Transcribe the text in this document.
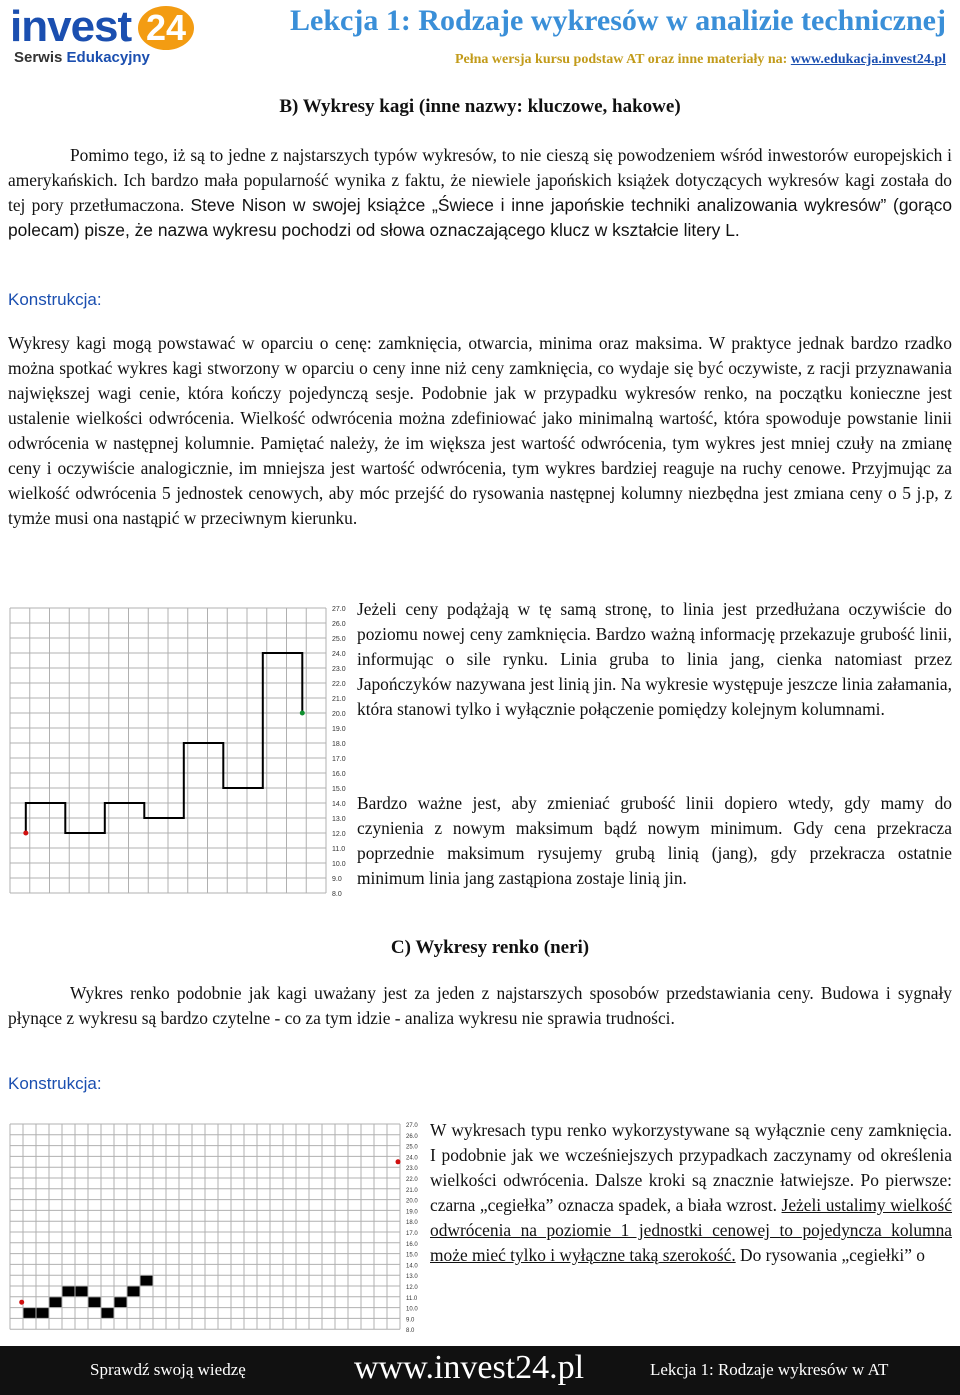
invest 24
Serwis Edukacyjny
Lekcja 1: Rodzaje wykresów w analizie technicznej
Pełna wersja kursu podstaw AT oraz inne materiały na: www.edukacja.invest24.pl
B) Wykresy kagi (inne nazwy: kluczowe, hakowe)
Pomimo tego, iż są to jedne z najstarszych typów wykresów, to nie cieszą się powodzeniem wśród inwestorów europejskich i amerykańskich. Ich bardzo mała popularność wynika z faktu, że niewiele japońskich książek dotyczących wykresów kagi została do tej pory przetłumaczona. Steve Nison w swojej książce „Świece i inne japońskie techniki analizowania wykresów” (gorąco polecam) pisze, że nazwa wykresu pochodzi od słowa oznaczającego klucz w kształcie litery L.
Konstrukcja:
Wykresy kagi mogą powstawać w oparciu o cenę: zamknięcia, otwarcia, minima oraz maksima. W praktyce jednak bardzo rzadko można spotkać wykres kagi stworzony w oparciu o ceny inne niż ceny zamknięcia, co wydaje się być oczywiste, z racji przyznawania największej wagi cenie, która kończy pojedynczą sesje. Podobnie jak w przypadku wykresów renko, na początku konieczne jest ustalenie wielkości odwrócenia. Wielkość odwrócenia można zdefiniować jako minimalną wartość, która spowoduje powstanie linii odwrócenia w następnej kolumnie. Pamiętać należy, że im większa jest wartość odwrócenia, tym wykres jest mniej czuły na zmianę ceny i oczywiście analogicznie, im mniejsza jest wartość odwrócenia, tym wykres bardziej reaguje na ruchy cenowe. Przyjmując za wielkość odwrócenia 5 jednostek cenowych, aby móc przejść do rysowania następnej kolumny niezbędna jest zmiana ceny o 5 j.p, z tymże musi ona nastąpić w przeciwnym kierunku.
27.0
26.0
25.0
24.0
23.0
22.0
21.0
20.0
19.0
18.0
17.0
16.0
15.0
14.0
13.0
12.0
11.0
10.0
9.0
8.0
Jeżeli ceny podążają w tę samą stronę, to linia jest przedłużana oczywiście do poziomu nowej ceny zamknięcia. Bardzo ważną informację przekazuje grubość linii, informując o sile rynku. Linia gruba to linia jang, cienka natomiast przez Japończyków nazywana jest linią jin. Na wykresie występuje jeszcze linia załamania, która stanowi tylko i wyłącznie połączenie pomiędzy kolejnym kolumnami.
Bardzo ważne jest, aby zmieniać grubość linii dopiero wtedy, gdy mamy do czynienia z nowym maksimum bądź nowym minimum. Gdy cena przekracza poprzednie maksimum rysujemy grubą linią (jang), gdy przekracza ostatnie minimum linia jang zastąpiona zostaje linią jin.
C) Wykresy renko (neri)
Wykres renko podobnie jak kagi uważany jest za jeden z najstarszych sposobów przedstawiania ceny. Budowa i sygnały płynące z wykresu są bardzo czytelne - co za tym idzie - analiza wykresu nie sprawia trudności.
Konstrukcja:
27.0
26.0
25.0
24.0
23.0
22.0
21.0
20.0
19.0
18.0
17.0
16.0
15.0
14.0
13.0
12.0
11.0
10.0
9.0
8.0
W wykresach typu renko wykorzystywane są wyłącznie ceny zamknięcia. I podobnie jak we wcześniejszych przypadkach zaczynamy od określenia wielkości odwrócenia. Dalsze kroki są znacznie łatwiejsze. Po pierwsze: czarna „cegiełka” oznacza spadek, a biała wzrost. Jeżeli ustalimy wielkość odwrócenia na poziomie 1 jednostki cenowej to pojedyncza kolumna może mieć tylko i wyłączne taką szerokość. Do rysowania „cegiełki” o
Sprawdź swoją wiedzę	www.invest24.pl	Lekcja 1: Rodzaje wykresów w AT
